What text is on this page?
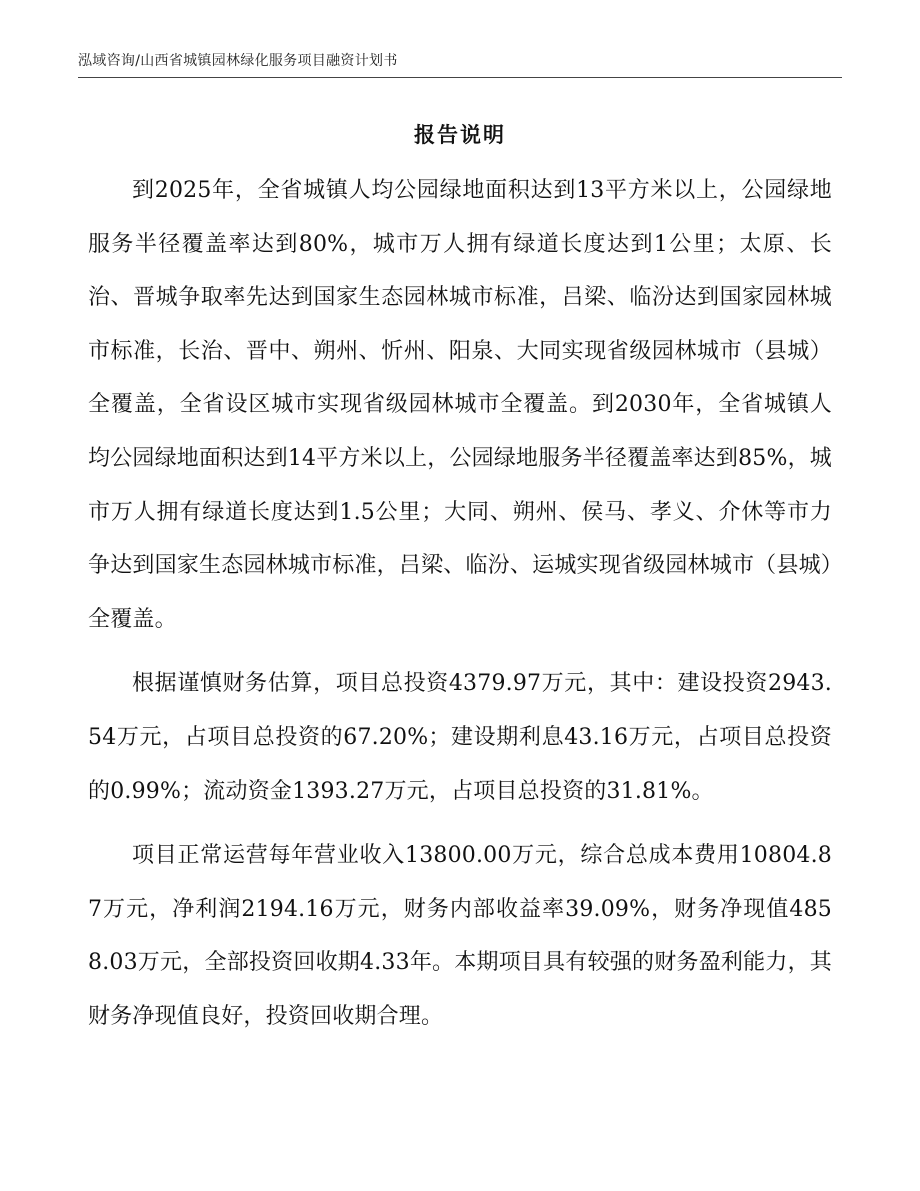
泓域咨询/山西省城镇园林绿化服务项目融资计划书
报告说明

到2025年，全省城镇人均公园绿地面积达到13平方米以上，公园绿地服务半径覆盖率达到80%，城市万人拥有绿道长度达到1公里；太原、长治、晋城争取率先达到国家生态园林城市标准，吕梁、临汾达到国家园林城市标准，长治、晋中、朔州、忻州、阳泉、大同实现省级园林城市（县城）全覆盖，全省设区城市实现省级园林城市全覆盖。到2030年，全省城镇人均公园绿地面积达到14平方米以上，公园绿地服务半径覆盖率达到85%，城市万人拥有绿道长度达到1.5公里；大同、朔州、侯马、孝义、介休等市力争达到国家生态园林城市标准，吕梁、临汾、运城实现省级园林城市（县城）全覆盖。

根据谨慎财务估算，项目总投资4379.97万元，其中：建设投资2943.54万元，占项目总投资的67.20%；建设期利息43.16万元，占项目总投资的0.99%；流动资金1393.27万元，占项目总投资的31.81%。

项目正常运营每年营业收入13800.00万元，综合总成本费用10804.87万元，净利润2194.16万元，财务内部收益率39.09%，财务净现值4858.03万元，全部投资回收期4.33年。本期项目具有较强的财务盈利能力，其财务净现值良好，投资回收期合理。
